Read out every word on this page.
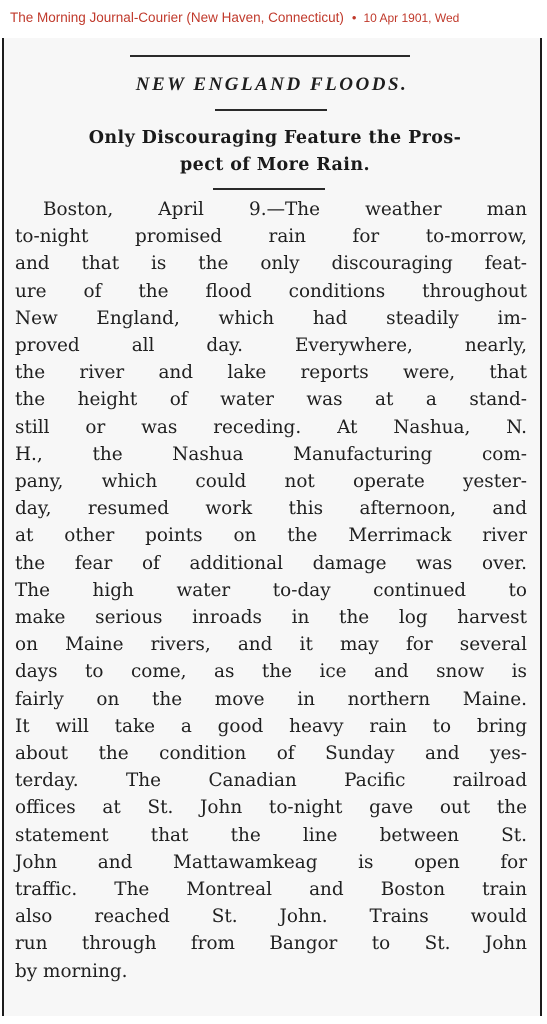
The Morning Journal-Courier (New Haven, Connecticut) • 10 Apr 1901, Wed
NEW ENGLAND FLOODS.
Only Discouraging Feature the Pros-
pect of More Rain.
Boston, April 9.—The weather man
to-night promised rain for to-morrow,
and that is the only discouraging feat-
ure of the flood conditions throughout
New England, which had steadily im-
proved all day. Everywhere, nearly,
the river and lake reports were, that
the height of water was at a stand-
still or was receding. At Nashua, N.
H., the Nashua Manufacturing com-
pany, which could not operate yester-
day, resumed work this afternoon, and
at other points on the Merrimack river
the fear of additional damage was over.
The high water to-day continued to
make serious inroads in the log harvest
on Maine rivers, and it may for several
days to come, as the ice and snow is
fairly on the move in northern Maine.
It will take a good heavy rain to bring
about the condition of Sunday and yes-
terday. The Canadian Pacific railroad
offices at St. John to-night gave out the
statement that the line between St.
John and Mattawamkeag is open for
traffic. The Montreal and Boston train
also reached St. John. Trains would
run through from Bangor to St. John
by morning.
